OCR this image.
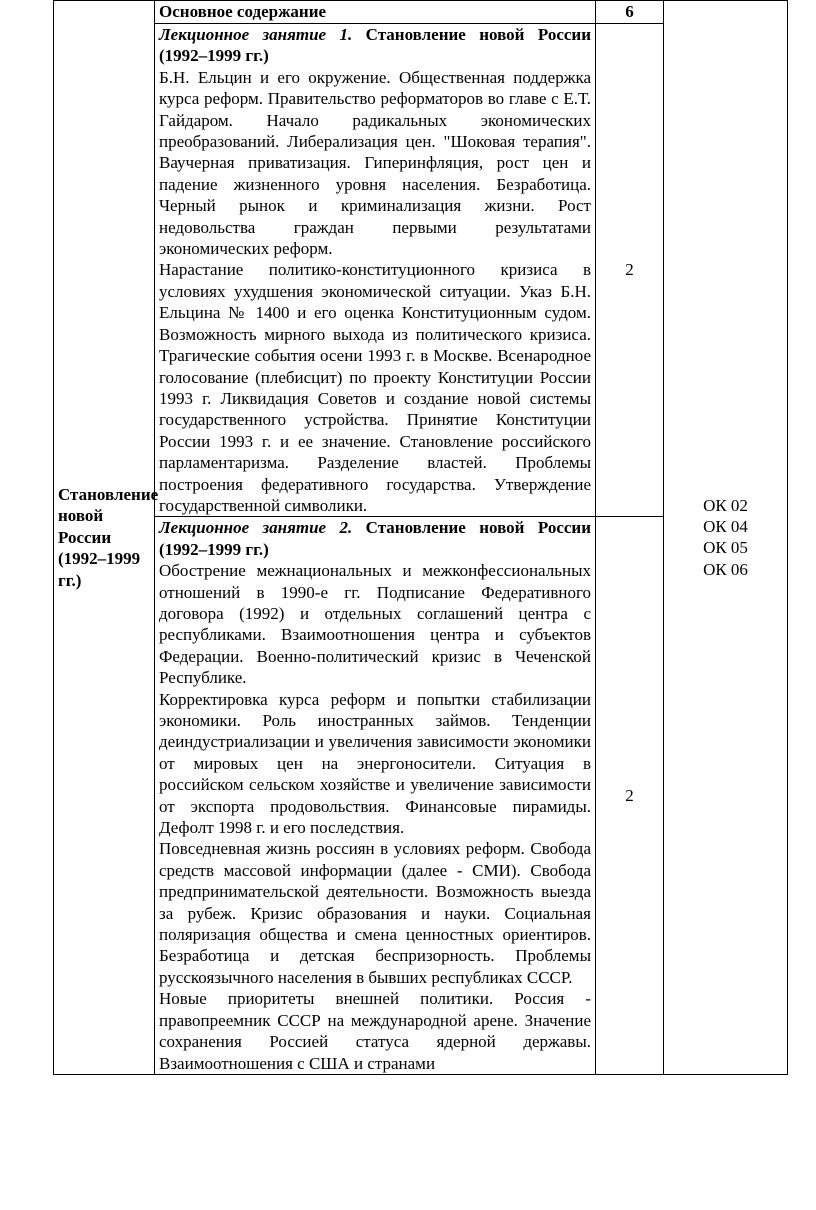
Становление новой России (1992–1999 гг.)	Основное содержание	6	ОК 02
ОК 04
ОК 05
ОК 06

	Лекционное занятие 1. Становление новой России (1992–1999 гг.)

Б.Н. Ельцин и его окружение. Общественная поддержка курса реформ. Правительство реформаторов во главе с Е.Т. Гайдаром. Начало радикальных экономических преобразований. Либерализация цен. "Шоковая терапия". Ваучерная приватизация. Гиперинфляция, рост цен и падение жизненного уровня населения. Безработица. Черный рынок и криминализация жизни. Рост недовольства граждан первыми результатами экономических реформ.

Нарастание политико-конституционного кризиса в условиях ухудшения экономической ситуации. Указ Б.Н. Ельцина № 1400 и его оценка Конституционным судом. Возможность мирного выхода из политического кризиса. Трагические события осени 1993 г. в Москве. Всенародное голосование (плебисцит) по проекту Конституции России 1993 г. Ликвидация Советов и создание новой системы государственного устройства. Принятие Конституции России 1993 г. и ее значение. Становление российского парламентаризма. Разделение властей. Проблемы построения федеративного государства. Утверждение государственной символики.	2	

	Лекционное занятие 2. Становление новой России (1992–1999 гг.)

Обострение межнациональных и межконфессиональных отношений в 1990-е гг. Подписание Федеративного договора (1992) и отдельных соглашений центра с республиками. Взаимоотношения центра и субъектов Федерации. Военно-политический кризис в Чеченской Республике.

Корректировка курса реформ и попытки стабилизации экономики. Роль иностранных займов. Тенденции деиндустриализации и увеличения зависимости экономики от мировых цен на энергоносители. Ситуация в российском сельском хозяйстве и увеличение зависимости от экспорта продовольствия. Финансовые пирамиды. Дефолт 1998 г. и его последствия.

Повседневная жизнь россиян в условиях реформ. Свобода средств массовой информации (далее - СМИ). Свобода предпринимательской деятельности. Возможность выезда за рубеж. Кризис образования и науки. Социальная поляризация общества и смена ценностных ориентиров. Безработица и детская беспризорность. Проблемы русскоязычного населения в бывших республиках СССР.

Новые приоритеты внешней политики. Россия - правопреемник СССР на международной арене. Значение сохранения Россией статуса ядерной державы. Взаимоотношения с США и странами	2	
